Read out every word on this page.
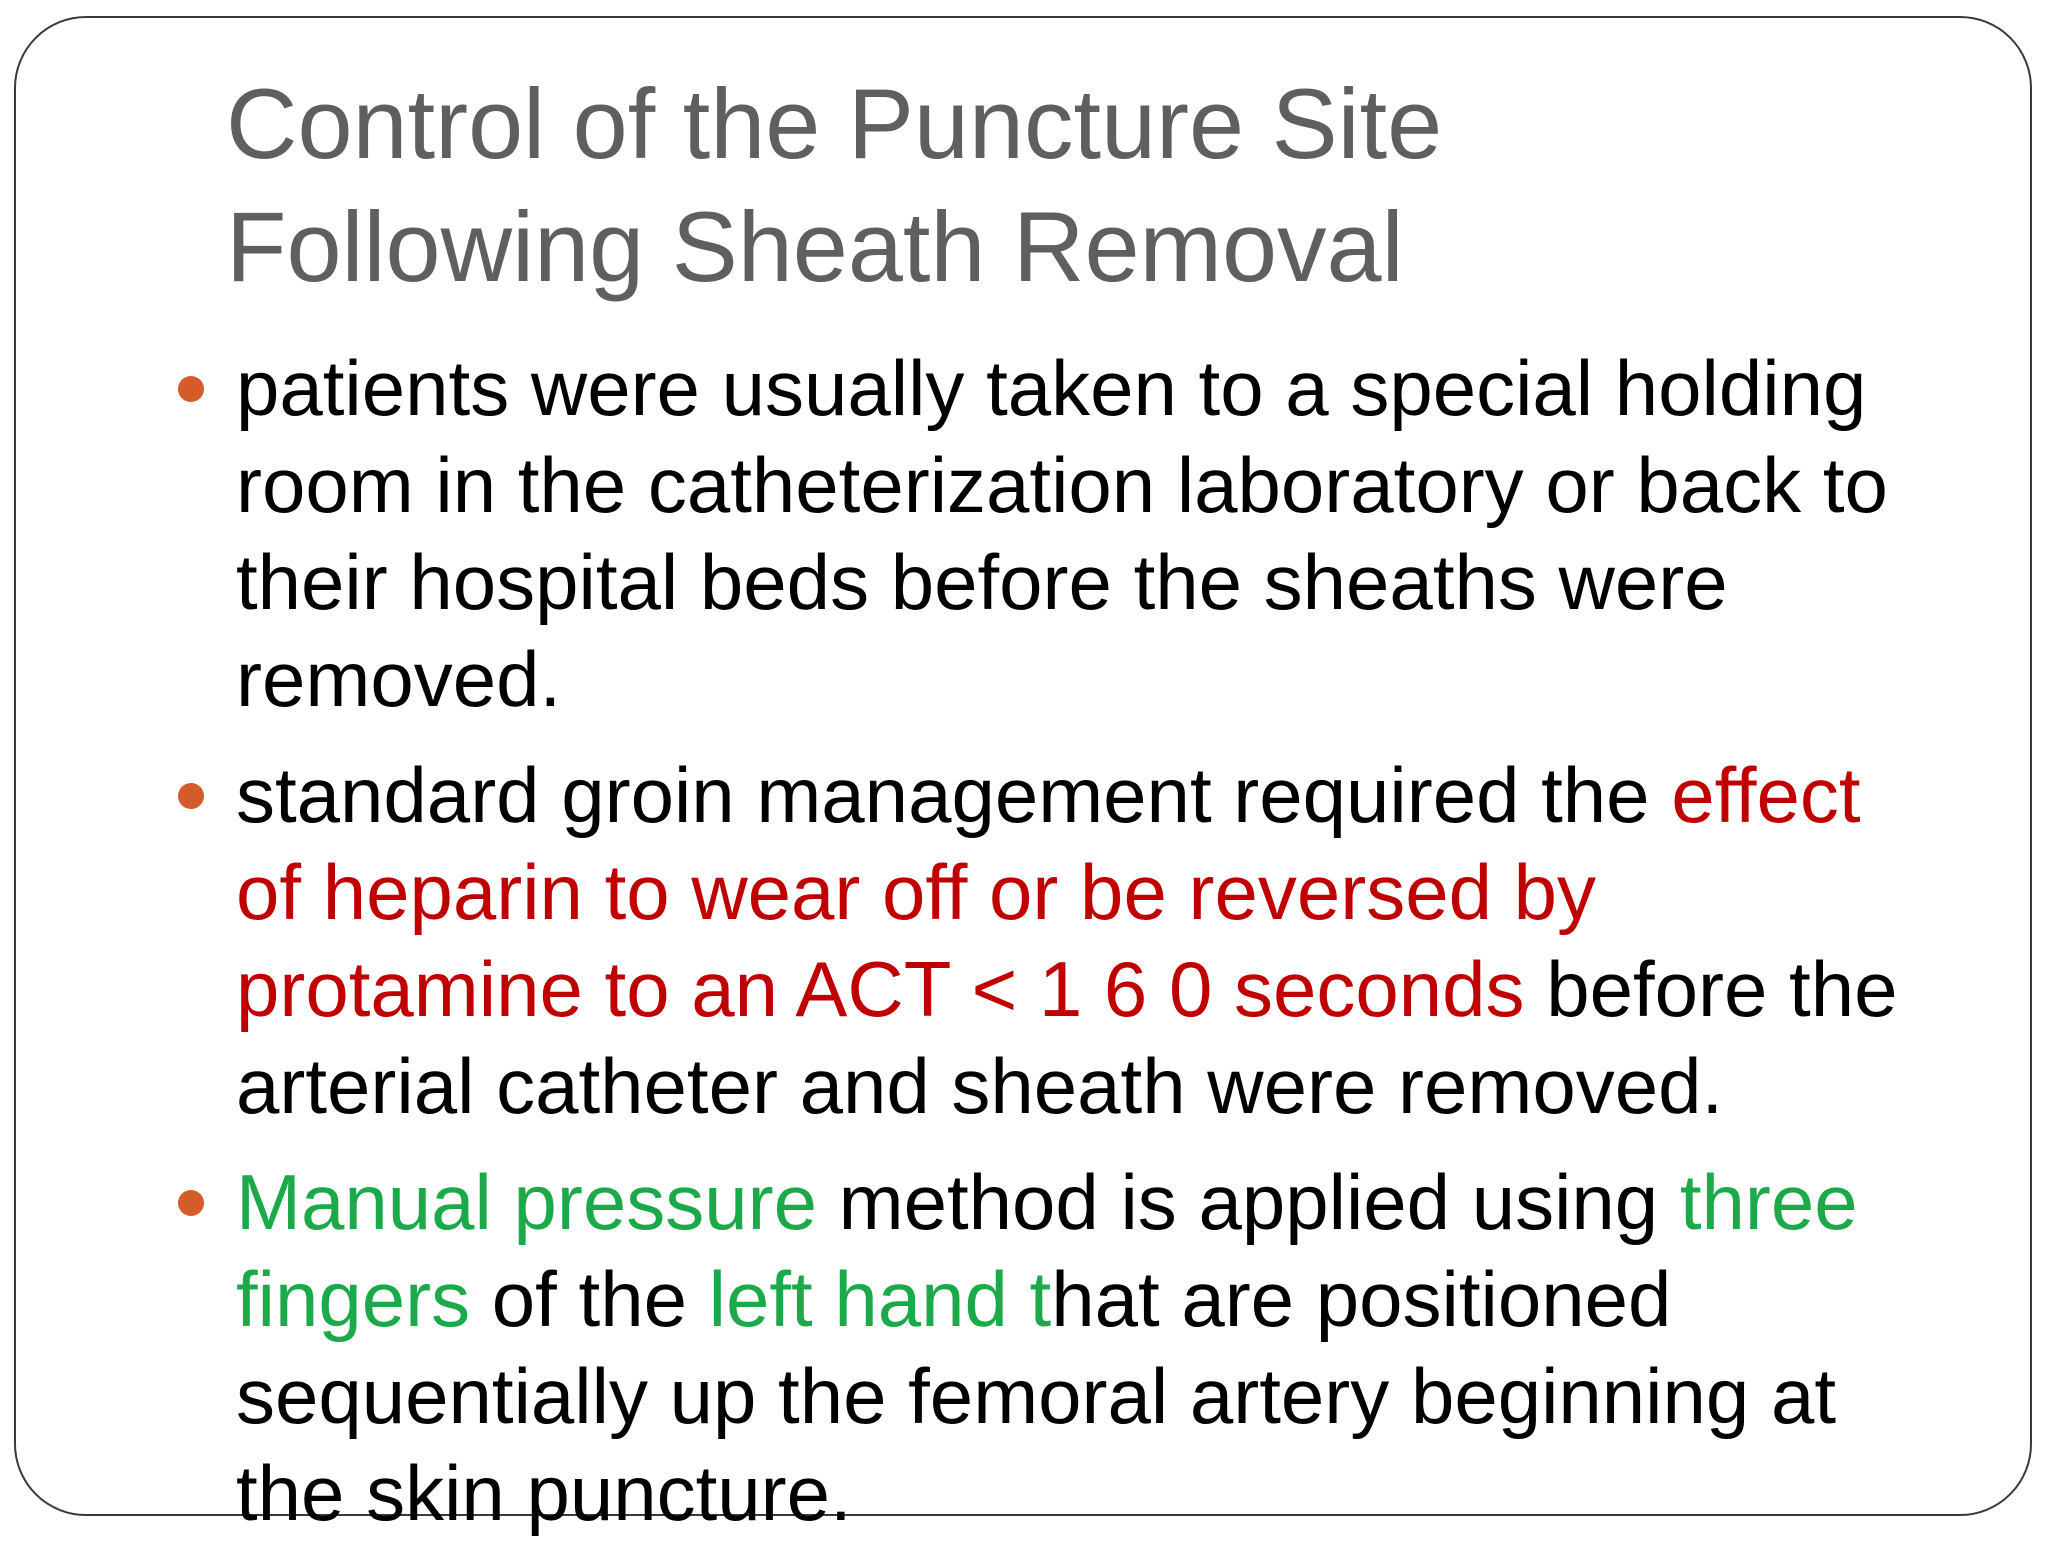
Control of the Puncture Site
Following Sheath Removal
patients were usually taken to a special holding room in the catheterization laboratory or back to their hospital beds before the sheaths were removed.
standard groin management required the effect of heparin to wear off or be reversed by protamine to an ACT < 1 6 0 seconds before the arterial catheter and sheath were removed.
Manual pressure method is applied using three fingers of the left hand that are positioned sequentially up the femoral artery beginning at the skin puncture.
